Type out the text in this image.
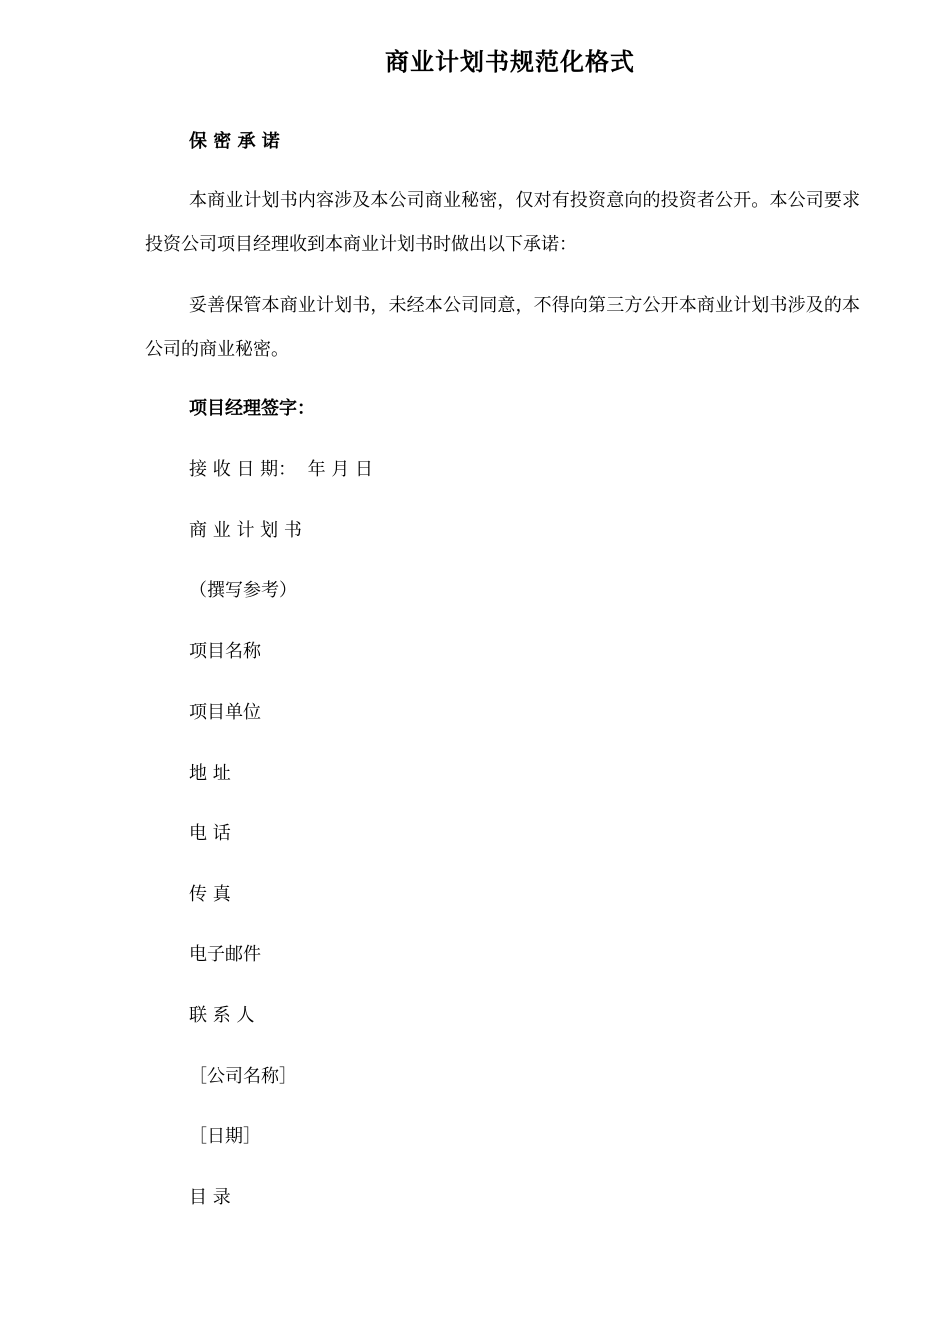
商业计划书规范化格式
保 密 承 诺
本商业计划书内容涉及本公司商业秘密，仅对有投资意向的投资者公开。本公司要求投资公司项目经理收到本商业计划书时做出以下承诺：
妥善保管本商业计划书，未经本公司同意，不得向第三方公开本商业计划书涉及的本公司的商业秘密。
项目经理签字：
接 收 日 期：  年 月 日
商 业 计 划 书
（撰写参考）
项目名称
项目单位
地 址
电 话
传 真
电子邮件
联 系 人
［公司名称］
［日期］
目 录
